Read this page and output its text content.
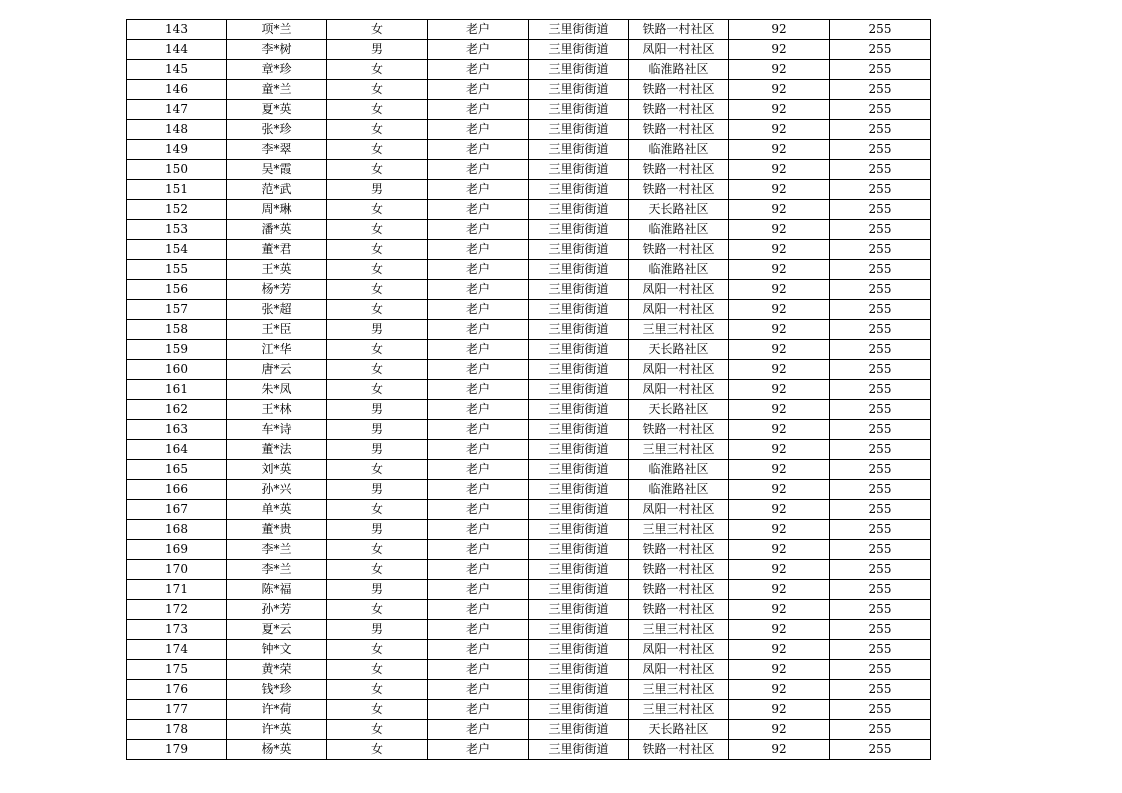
143	项*兰	女	老户	三里街街道	铁路一村社区	92	255
144	李*树	男	老户	三里街街道	凤阳一村社区	92	255
145	章*珍	女	老户	三里街街道	临淮路社区	92	255
146	童*兰	女	老户	三里街街道	铁路一村社区	92	255
147	夏*英	女	老户	三里街街道	铁路一村社区	92	255
148	张*珍	女	老户	三里街街道	铁路一村社区	92	255
149	李*翠	女	老户	三里街街道	临淮路社区	92	255
150	吴*霞	女	老户	三里街街道	铁路一村社区	92	255
151	范*武	男	老户	三里街街道	铁路一村社区	92	255
152	周*琳	女	老户	三里街街道	天长路社区	92	255
153	潘*英	女	老户	三里街街道	临淮路社区	92	255
154	董*君	女	老户	三里街街道	铁路一村社区	92	255
155	王*英	女	老户	三里街街道	临淮路社区	92	255
156	杨*芳	女	老户	三里街街道	凤阳一村社区	92	255
157	张*超	女	老户	三里街街道	凤阳一村社区	92	255
158	王*臣	男	老户	三里街街道	三里三村社区	92	255
159	江*华	女	老户	三里街街道	天长路社区	92	255
160	唐*云	女	老户	三里街街道	凤阳一村社区	92	255
161	朱*凤	女	老户	三里街街道	凤阳一村社区	92	255
162	王*林	男	老户	三里街街道	天长路社区	92	255
163	车*诗	男	老户	三里街街道	铁路一村社区	92	255
164	董*法	男	老户	三里街街道	三里三村社区	92	255
165	刘*英	女	老户	三里街街道	临淮路社区	92	255
166	孙*兴	男	老户	三里街街道	临淮路社区	92	255
167	单*英	女	老户	三里街街道	凤阳一村社区	92	255
168	董*贵	男	老户	三里街街道	三里三村社区	92	255
169	李*兰	女	老户	三里街街道	铁路一村社区	92	255
170	李*兰	女	老户	三里街街道	铁路一村社区	92	255
171	陈*福	男	老户	三里街街道	铁路一村社区	92	255
172	孙*芳	女	老户	三里街街道	铁路一村社区	92	255
173	夏*云	男	老户	三里街街道	三里三村社区	92	255
174	钟*文	女	老户	三里街街道	凤阳一村社区	92	255
175	黄*荣	女	老户	三里街街道	凤阳一村社区	92	255
176	钱*珍	女	老户	三里街街道	三里三村社区	92	255
177	许*荷	女	老户	三里街街道	三里三村社区	92	255
178	许*英	女	老户	三里街街道	天长路社区	92	255
179	杨*英	女	老户	三里街街道	铁路一村社区	92	255
